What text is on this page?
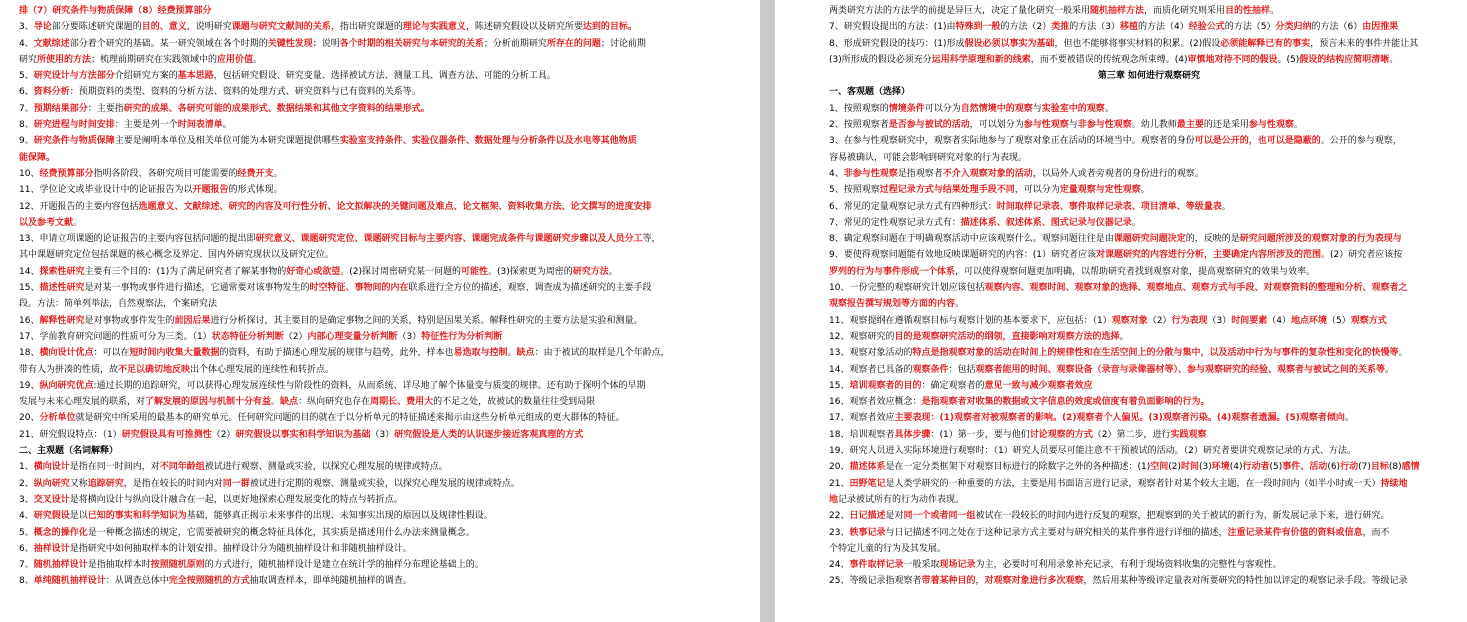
排（7）研究条件与物质保障（8）经费预算部分
3、导论部分要陈述研究课题的目的、意义，说明研究课题与研究文献间的关系，指出研究课题的理论与实践意义，陈述研究假设以及研究所要达到的目标。
4、文献综述部分着个研究的基础。某一研究领域在各个时期的关键性发现；说明各个时期的相关研究与本研究的关系；分析前期研究所存在的问题；讨论前期
研究所使用的方法；梳理前期研究在实践领域中的应用价值。
5、研究设计与方法部分介绍研究方案的基本思路，包括研究假设、研究变量、选择被试方法、测量工具、调查方法、可能的分析工具。
6、资料分析：预期资料的类型、资料的分析方法、资料的处理方式、研究资料与已有资料的关系等。
7、预期结果部分：主要指研究的成果、各研究可能的成果形式、数据结果和其他文字资料的结果形式。
8、研究进程与时间安排：主要是列一个时间表清单。
9、研究条件与物质保障主要是阐明本单位及相关单位可能为本研究课题提供哪些实验室支持条件、实验仪器条件、数据处理与分析条件以及水电等其他物质
能保障。
10、经费预算部分指明各阶段、各研究项目可能需要的经费开支。
11、学位论文或毕业设计中的论证报告为以开题报告的形式体现。
12、开题报告的主要内容包括选题意义、文献综述、研究的内容及可行性分析、论文拟解决的关键问题及难点、论文框架、资料收集方法、论文撰写的进度安排
以及参考文献。
13、申请立项课题的论证报告的主要内容包括问题的提出即研究意义、课题研究定位、课题研究目标与主要内容、课题完成条件与课题研究步骤以及人员分工等，
其中课题研究定位包括课题的核心概念及界定、国内外研究现状以及研究定位。
14、探索性研究主要有三个目的：(1)为了满足研究者了解某事物的好奇心或欲望。(2)探讨周密研究某一问题的可能性。(3)探索更为周密的研究方法。
15、描述性研究是对某一事物或事件进行描述，它通常要对该事物发生的时空特征、事物间的内在联系进行全方位的描述，观察、调查成为描述研究的主要手段
段。方法：简单列举法，自然观察法，个案研究法
16、解释性研究是对事物或事件发生的前因后果进行分析探讨，其主要目的是确定事物之间的关系，特别是因果关系。解释性研究的主要方法是实验和测量。
17、学前教育研究问题的性质可分为三类。（1）状态特征分析判断（2）内部心理变量分析判断（3）特征性行为分析判断
18、横向设计优点：可以在短时间内收集大量数据的资料，有助于描述心理发展的规律与趋势，此外，样本也易选取与控制。缺点：由于被试的取样是几个年龄点，
带有人为拼凑的性质，故不足以确切地反映出个体心理发展的连续性和转折点。
19、纵向研究优点:通过长期的追踪研究，可以获得心理发展连续性与阶段性的资料，从而系统、详尽地了解个体量变与质变的规律。还有助于探明个体的早期
发展与未来心理发展的联系，对了解发展的原因与机制十分有益。缺点：纵向研究也存在周期长、费用大的不足之处，故被试的数量往往受到局限
20、分析单位就是研究中所采用的最基本的研究单元。任何研究问题的目的就在于以分析单元的特征描述来揭示由这些分析单元组成的更大群体的特征。
21、研究假设特点：（1）研究假设具有可推测性（2）研究假设以事实和科学知识为基础（3）研究假设是人类的认识逐步接近客观真理的方式
二、主观题（名词解释）
1、横向设计是指在同一时间内，对不同年龄组被试进行观察、测量或实验，以探究心理发展的规律或特点。
2、纵向研究又称追踪研究，是指在较长的时间内对同一群被试进行定期的观察、测量或实验，以探究心理发展的规律或特点。
3、交叉设计是将横向设计与纵向设计融合在一起，以更好地探索心理发展变化的特点与转折点。
4、研究假设是以已知的事实和科学知识为基础，能够真正揭示未来事件的出现、未知事实出现的原因以及规律性假设。
5、概念的操作化是一种概念描述的规定，它需要被研究的概念特征具体化，其实质是描述用什么办法来测量概念。
6、抽样设计是指研究中如何抽取样本的计划安排。抽样设计分为随机抽样设计和非随机抽样设计。
7、随机抽样设计是指抽取样本时按照随机原则的方式进行，随机抽样设计是建立在统计学的抽样分布理论基础上的。
8、单纯随机抽样设计：从调查总体中完全按照随机的方式抽取调查样本，即单纯随机抽样的调查。
两类研究方法的方法学的前提是异巨大，决定了量化研究一般采用随机抽样方法，而质化研究则采用目的性抽样。
7、研究假设提出的方法：(1)由特殊到一般的方法（2）类推的方法（3）移植的方法（4）经验公式的方法（5）分类归纳的方法（6）由因推果
8、形成研究假设的技巧：(1)形成假设必须以事实为基础，但也不能够将事实材料的积累。(2)假设必须能解释已有的事实，预言未来的事件并能让其
(3)所形成的假设必须充分运用科学原理和新的线索，而不要被错误的传统观念所束缚。(4)审慎地对待不同的假设。(5)假设的结构应简明清晰。
第三章 如何进行观察研究
一、客观题（选择）
1、按照观察的情境条件可以分为自然情境中的观察与实验室中的观察。
2、按照观察者是否参与被试的活动，可以划分为参与性观察与非参与性观察。幼儿教师最主要的还是采用参与性观察。
3、在参与性观察研究中，观察者实际地参与了观察对象正在活动的环境当中。观察者的身份可以是公开的，也可以是隐蔽的。公开的参与观察，
容易被确认，可能会影响到研究对象的行为表现。
4、非参与性观察是指观察者不介入观察对象的活动，以局外人或者旁观者的身份进行的观察。
5、按照观察过程记录方式与结果处理手段不同，可以分为定量观察与定性观察。
6、常见的定量观察记录方式有四种形式：时间取样记录表、事件取样记录表、项目清单、等级量表。
7、常见的定性观察记录方式有：描述体系、叙述体系、图式记录与仪器记录。
8、确定观察问题在于明确观察活动中应该观察什么。观察问题往往是由课题研究问题决定的，反映的是研究问题所涉及的观察对象的行为表现与
9、要使得观察问题能有效地反映课题研究的内容：(1）研究者应该对课题研究的内容进行分析，主要确定内容所涉及的范围。(2）研究者应该按
罗列的行为与事件形成一个体系，可以使得观察问题更加明确，以帮助研究者找到观察对象，提高观察研究的效果与效率。
10、一份完整的观察研究计划应该包括观察内容、观察时间、观察对象的选择、观察地点、观察方式与手段、对观察资料的整理和分析、观察者之
观察报告撰写规划等方面的内容。
11、观察提纲在遵循观察目标与观察计划的基本要求下，应包括：（1）观察对象（2）行为表现（3）时间要素（4）地点环境（5）观察方式
12、观察研究的目的是观察研究活动的纲领，直接影响对观察方法的选择。
13、观察对象活动的特点是指观察对象的活动在时间上的规律性和在生活空间上的分散与集中，以及活动中行为与事件的复杂性和变化的快慢等。
14、观察者已具备的观察条件：包括观察者能用的时间、观察设备（录音与录像器材等）、参与观察研究的经验、观察者与被试之间的关系等。
15、培训观察者的目的：确定观察者的意见一致与减少观察者效应
16、观察者效应概念：是指观察者对收集的数据或文字信息的效度或信度有着负面影响的行为。
17、观察者效应主要表现：(1)观察者对被观察者的影响。(2)观察者个人偏见。(3)观察者污染。(4)观察者遗漏。(5)观察者倾向。
18、培训观察者具体步骤：(1）第一步，要与他们讨论观察的方式（2）第二步，进行实践观察
19、研究人员进入实际环境进行观察时：（1）研究人员要尽可能注意不干预被试的活动。（2）研究者要讲究观察记录的方式、方法。
20、描述体系是在一定分类框架下对观察目标进行的除数字之外的各种描述：(1)空间(2)时间(3)环境(4)行动者(5)事件、活动(6)行动(7)目标(8)感情
21、田野笔记是人类学研究的一种重要的方法，主要是用书面语言进行记录，观察者针对某个较大主题，在一段时间内（如半小时或一天）持续地
地记录被试所有的行为动作表现。
22、日记描述是对同一个或者同一组被试在一段较长的时间内进行反复的观察，把观察到的关于被试的新行为、新发展记录下来，进行研究。
23、轶事记录与日记描述不同之处在于这种记录方式主要对与研究相关的某件事件进行详细的描述，注重记录某件有价值的资料或信息，而不
个特定儿童的行为及其发展。
24、事件取样记录一般采取现场记录为主，必要时可利用录象补充记录，有利于现场资料收集的完整性与客观性。
25、等级记录指观察者带着某种目的，对观察对象进行多次观察，然后用某种等级评定量表对所要研究的特性加以评定的观察记录手段。等级记录
